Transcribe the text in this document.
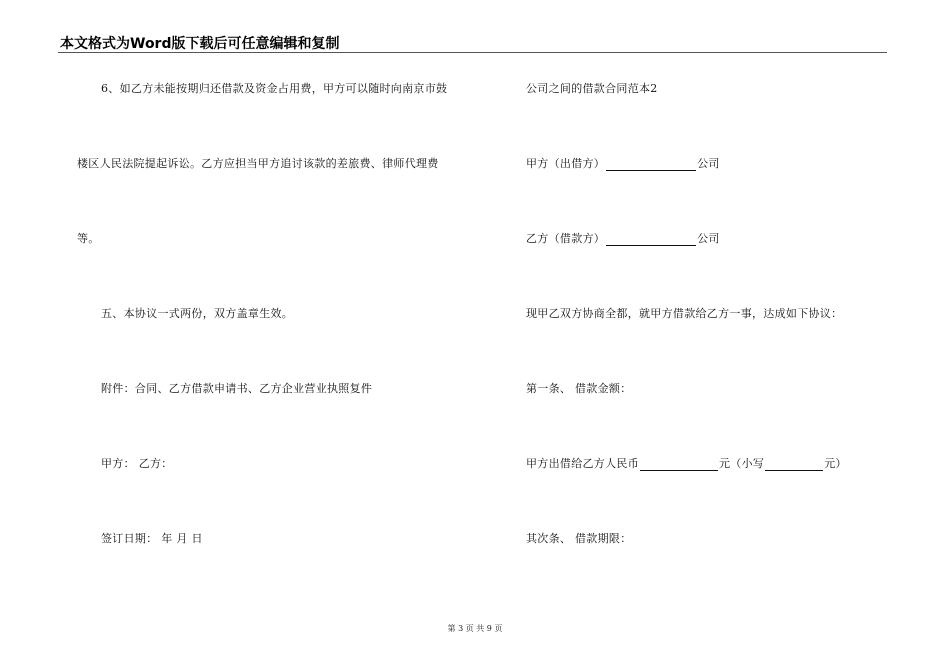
本文格式为Word版下载后可任意编辑和复制
6、如乙方未能按期归还借款及资金占用费，甲方可以随时向南京市鼓
楼区人民法院提起诉讼。乙方应担当甲方追讨该款的差旅费、律师代理费
等。
五、本协议一式两份，双方盖章生效。
附件：合同、乙方借款申请书、乙方企业营业执照复件
甲方： 乙方：
签订日期： 年 月 日
公司之间的借款合同范本2
甲方（出借方）	公司
乙方（借款方）	公司
现甲乙双方协商全都，就甲方借款给乙方一事，达成如下协议：
第一条、 借款金额：
甲方出借给乙方人民币	元（小写	元）
其次条、 借款期限：
第 3 页 共 9 页
